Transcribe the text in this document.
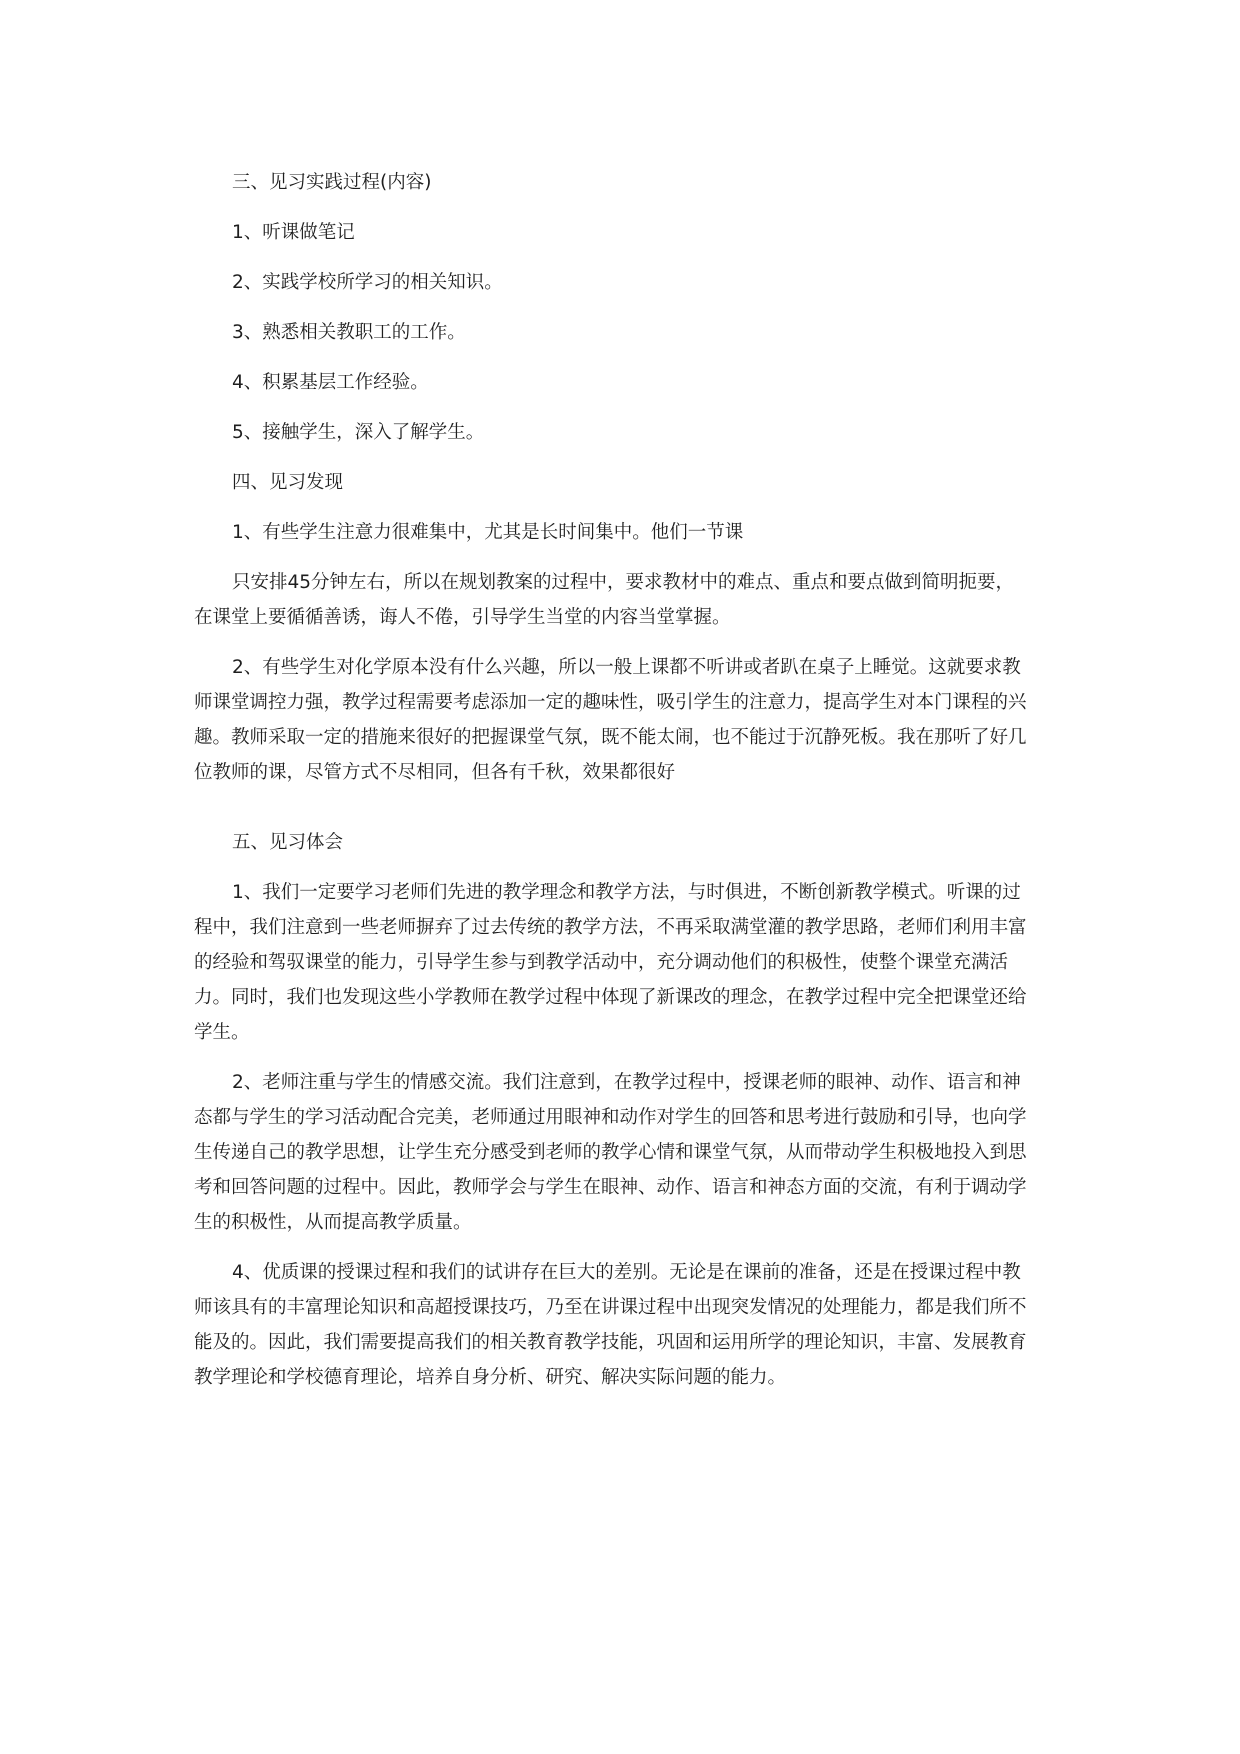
三、见习实践过程(内容)

1、听课做笔记

2、实践学校所学习的相关知识。

3、熟悉相关教职工的工作。

4、积累基层工作经验。

5、接触学生，深入了解学生。

四、见习发现

1、有些学生注意力很难集中，尤其是长时间集中。他们一节课

只安排45分钟左右，所以在规划教案的过程中，要求教材中的难点、重点和要点做到简明扼要，
在课堂上要循循善诱，诲人不倦，引导学生当堂的内容当堂掌握。

2、有些学生对化学原本没有什么兴趣，所以一般上课都不听讲或者趴在桌子上睡觉。这就要求教
师课堂调控力强，教学过程需要考虑添加一定的趣味性，吸引学生的注意力，提高学生对本门课程的兴
趣。教师采取一定的措施来很好的把握课堂气氛，既不能太闹，也不能过于沉静死板。我在那听了好几
位教师的课，尽管方式不尽相同，但各有千秋，效果都很好

五、见习体会

1、我们一定要学习老师们先进的教学理念和教学方法，与时俱进，不断创新教学模式。听课的过
程中，我们注意到一些老师摒弃了过去传统的教学方法，不再采取满堂灌的教学思路，老师们利用丰富
的经验和驾驭课堂的能力，引导学生参与到教学活动中，充分调动他们的积极性，使整个课堂充满活
力。同时，我们也发现这些小学教师在教学过程中体现了新课改的理念，在教学过程中完全把课堂还给
学生。

2、老师注重与学生的情感交流。我们注意到，在教学过程中，授课老师的眼神、动作、语言和神
态都与学生的学习活动配合完美，老师通过用眼神和动作对学生的回答和思考进行鼓励和引导，也向学
生传递自己的教学思想，让学生充分感受到老师的教学心情和课堂气氛，从而带动学生积极地投入到思
考和回答问题的过程中。因此，教师学会与学生在眼神、动作、语言和神态方面的交流，有利于调动学
生的积极性，从而提高教学质量。

4、优质课的授课过程和我们的试讲存在巨大的差别。无论是在课前的准备，还是在授课过程中教
师该具有的丰富理论知识和高超授课技巧，乃至在讲课过程中出现突发情况的处理能力，都是我们所不
能及的。因此，我们需要提高我们的相关教育教学技能，巩固和运用所学的理论知识，丰富、发展教育
教学理论和学校德育理论，培养自身分析、研究、解决实际问题的能力。
